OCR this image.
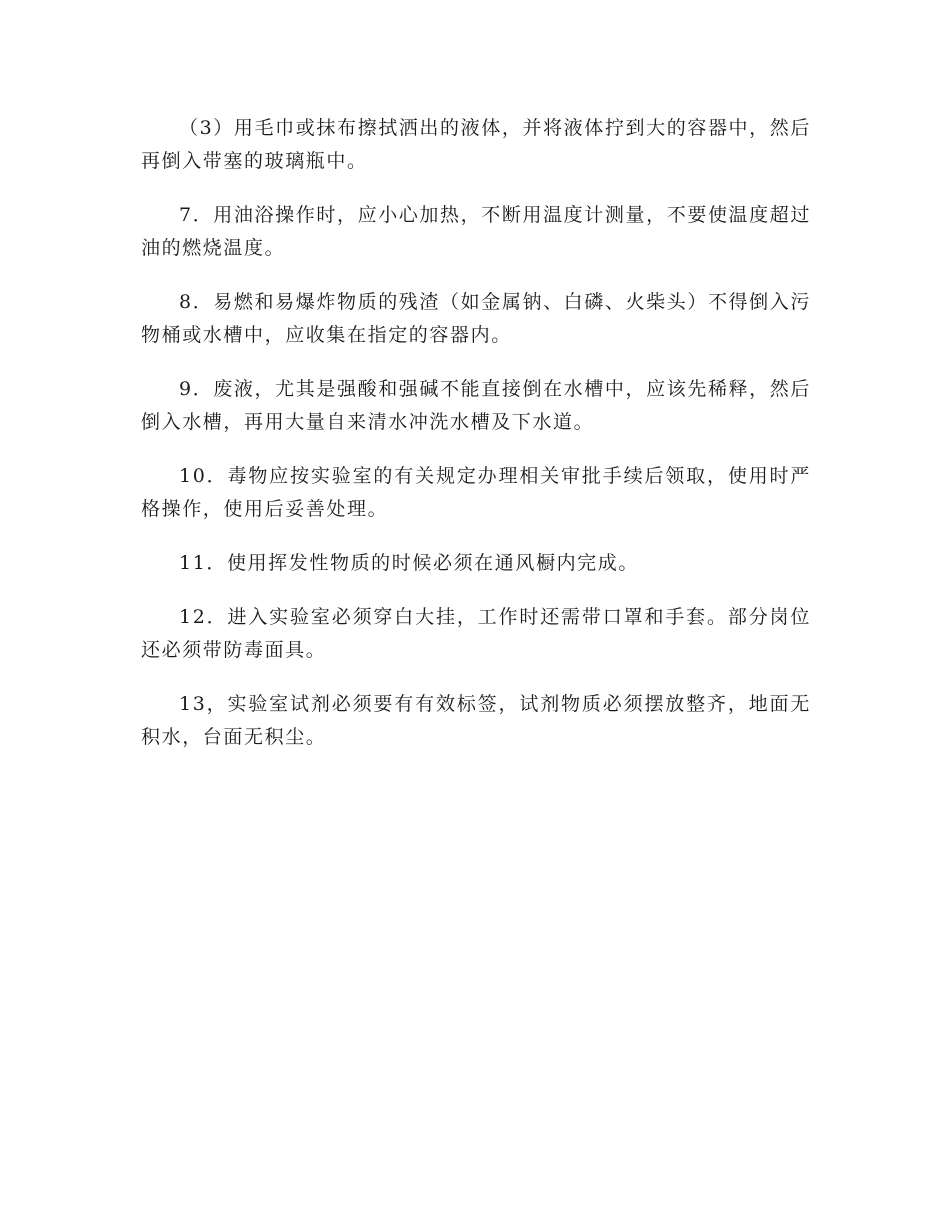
（3）用毛巾或抹布擦拭洒出的液体，并将液体拧到大的容器中，然后再倒入带塞的玻璃瓶中。

7．用油浴操作时，应小心加热，不断用温度计测量，不要使温度超过油的燃烧温度。

8．易燃和易爆炸物质的残渣（如金属钠、白磷、火柴头）不得倒入污物桶或水槽中，应收集在指定的容器内。

9．废液，尤其是强酸和强碱不能直接倒在水槽中，应该先稀释，然后倒入水槽，再用大量自来清水冲洗水槽及下水道。

10．毒物应按实验室的有关规定办理相关审批手续后领取，使用时严格操作，使用后妥善处理。

11．使用挥发性物质的时候必须在通风橱内完成。

12．进入实验室必须穿白大挂，工作时还需带口罩和手套。部分岗位还必须带防毒面具。

13，实验室试剂必须要有有效标签，试剂物质必须摆放整齐，地面无积水，台面无积尘。
